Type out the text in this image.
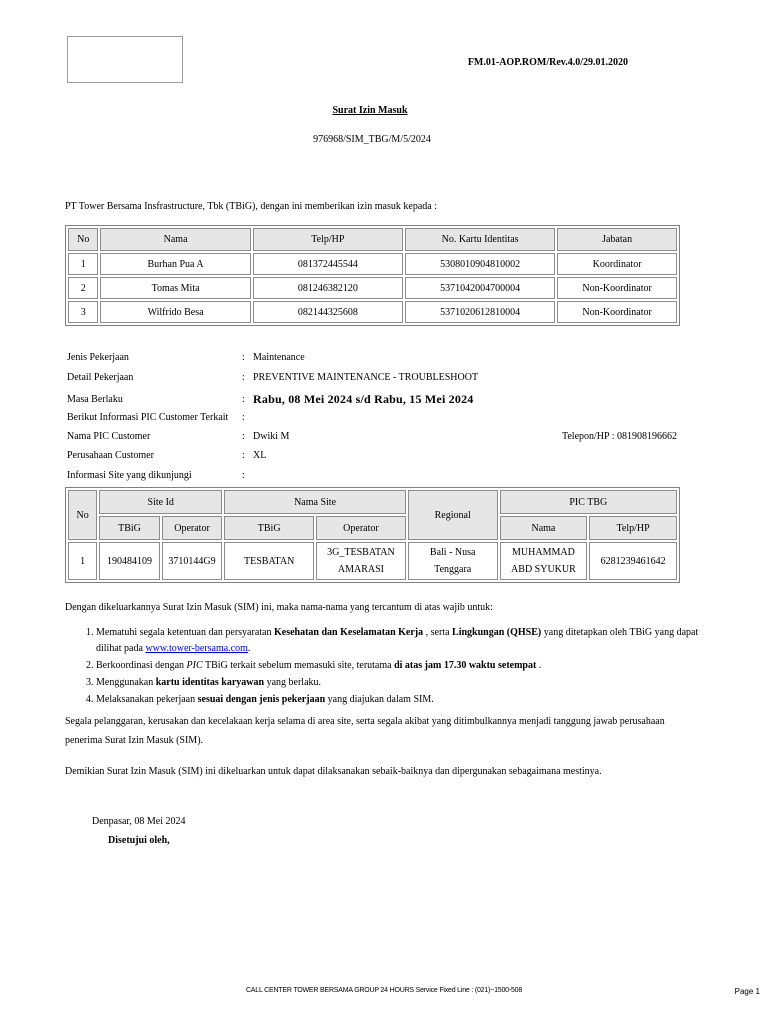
FM.01-AOP.ROM/Rev.4.0/29.01.2020
Surat Izin Masuk
976968/SIM_TBG/M/5/2024
PT Tower Bersama Insfrastructure, Tbk (TBiG), dengan ini memberikan izin masuk kepada :
No	Nama	Telp/HP	No. Kartu Identitas	Jabatan
1	Burhan Pua A	081372445544	5308010904810002	Koordinator
2	Tomas Mita	081246382120	5371042004700004	Non-Koordinator
3	Wilfrido Besa	082144325608	5371020612810004	Non-Koordinator
Jenis Pekerjaan	: Maintenance
Detail Pekerjaan	: PREVENTIVE MAINTENANCE - TROUBLESHOOT
Masa Berlaku	: Rabu, 08 Mei 2024 s/d Rabu, 15 Mei 2024
Berikut Informasi PIC Customer Terkait	:
Nama PIC Customer	: Dwiki M	Telepon/HP : 081908196662
Perusahaan Customer	: XL
Informasi Site yang dikunjungi	:
No	Site Id		Nama Site		Regional	PIC TBG	
	TBiG	Operator	TBiG	Operator		Nama	Telp/HP
1	190484109	3710144G9	TESBATAN	3G_TESBATAN AMARASI	Bali - Nusa Tenggara	MUHAMMAD ABD SYUKUR	6281239461642
Dengan dikeluarkannya Surat Izin Masuk (SIM) ini, maka nama-nama yang tercantum di atas wajib untuk:
1. Mematuhi segala ketentuan dan persyaratan Kesehatan dan Keselamatan Kerja , serta Lingkungan (QHSE) yang ditetapkan oleh TBiG yang dapat dilihat pada www.tower-bersama.com.
2. Berkoordinasi dengan PIC TBiG terkait sebelum memasuki site, terutama di atas jam 17.30 waktu setempat .
3. Menggunakan kartu identitas karyawan yang berlaku.
4. Melaksanakan pekerjaan sesuai dengan jenis pekerjaan yang diajukan dalam SIM.
Segala pelanggaran, kerusakan dan kecelakaan kerja selama di area site, serta segala akibat yang ditimbulkannya menjadi tanggung jawab perusahaan penerima Surat Izin Masuk (SIM).
Demikian Surat Izin Masuk (SIM) ini dikeluarkan untuk dapat dilaksanakan sebaik-baiknya dan dipergunakan sebagaimana mestinya.
Denpasar, 08 Mei 2024
Disetujui oleh,
CALL CENTER TOWER BERSAMA GROUP 24 HOURS Service Fixed Line : (021)~1500-508	Page 1
